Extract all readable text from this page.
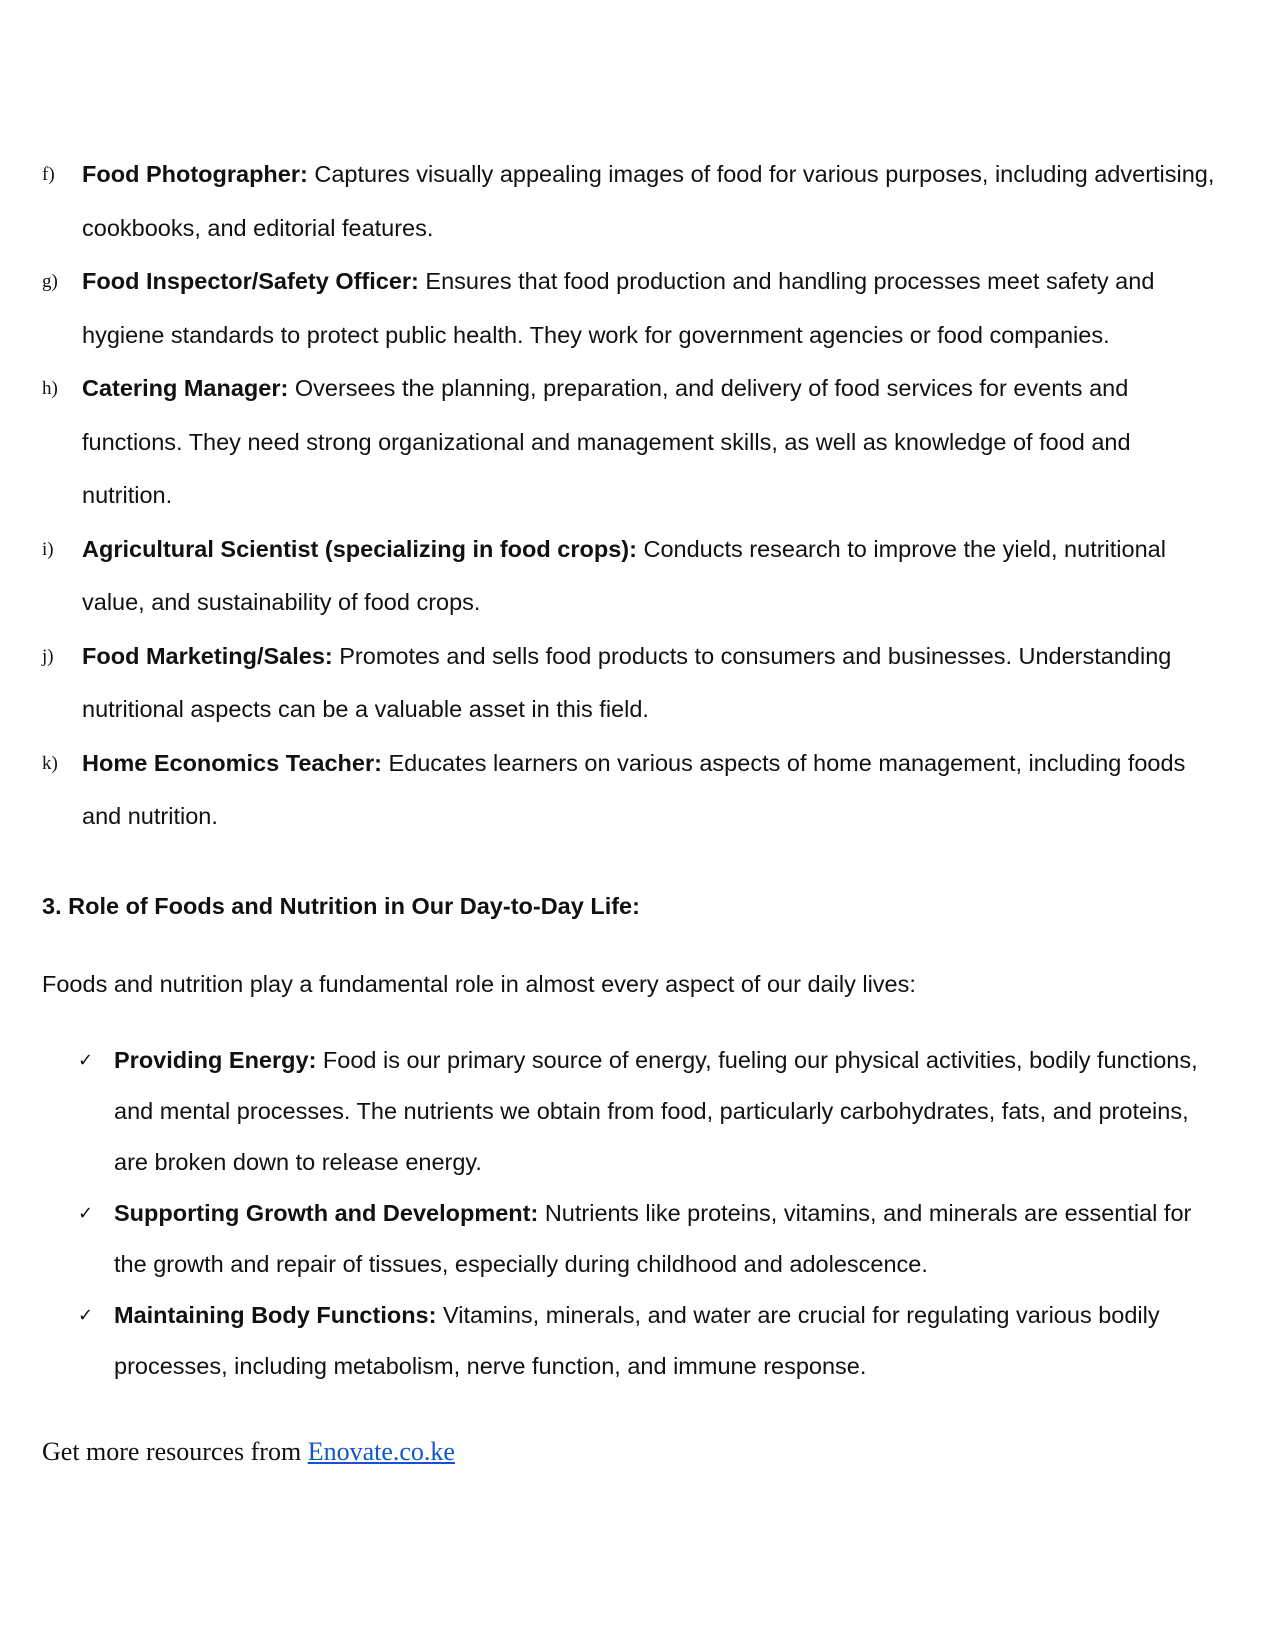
f) Food Photographer: Captures visually appealing images of food for various purposes, including advertising, cookbooks, and editorial features.
g) Food Inspector/Safety Officer: Ensures that food production and handling processes meet safety and hygiene standards to protect public health. They work for government agencies or food companies.
h) Catering Manager: Oversees the planning, preparation, and delivery of food services for events and functions. They need strong organizational and management skills, as well as knowledge of food and nutrition.
i) Agricultural Scientist (specializing in food crops): Conducts research to improve the yield, nutritional value, and sustainability of food crops.
j) Food Marketing/Sales: Promotes and sells food products to consumers and businesses. Understanding nutritional aspects can be a valuable asset in this field.
k) Home Economics Teacher: Educates learners on various aspects of home management, including foods and nutrition.
3. Role of Foods and Nutrition in Our Day-to-Day Life:

Foods and nutrition play a fundamental role in almost every aspect of our daily lives:

✓ Providing Energy: Food is our primary source of energy, fueling our physical activities, bodily functions, and mental processes. The nutrients we obtain from food, particularly carbohydrates, fats, and proteins, are broken down to release energy.
✓ Supporting Growth and Development: Nutrients like proteins, vitamins, and minerals are essential for the growth and repair of tissues, especially during childhood and adolescence.
✓ Maintaining Body Functions: Vitamins, minerals, and water are crucial for regulating various bodily processes, including metabolism, nerve function, and immune response.

Get more resources from Enovate.co.ke
